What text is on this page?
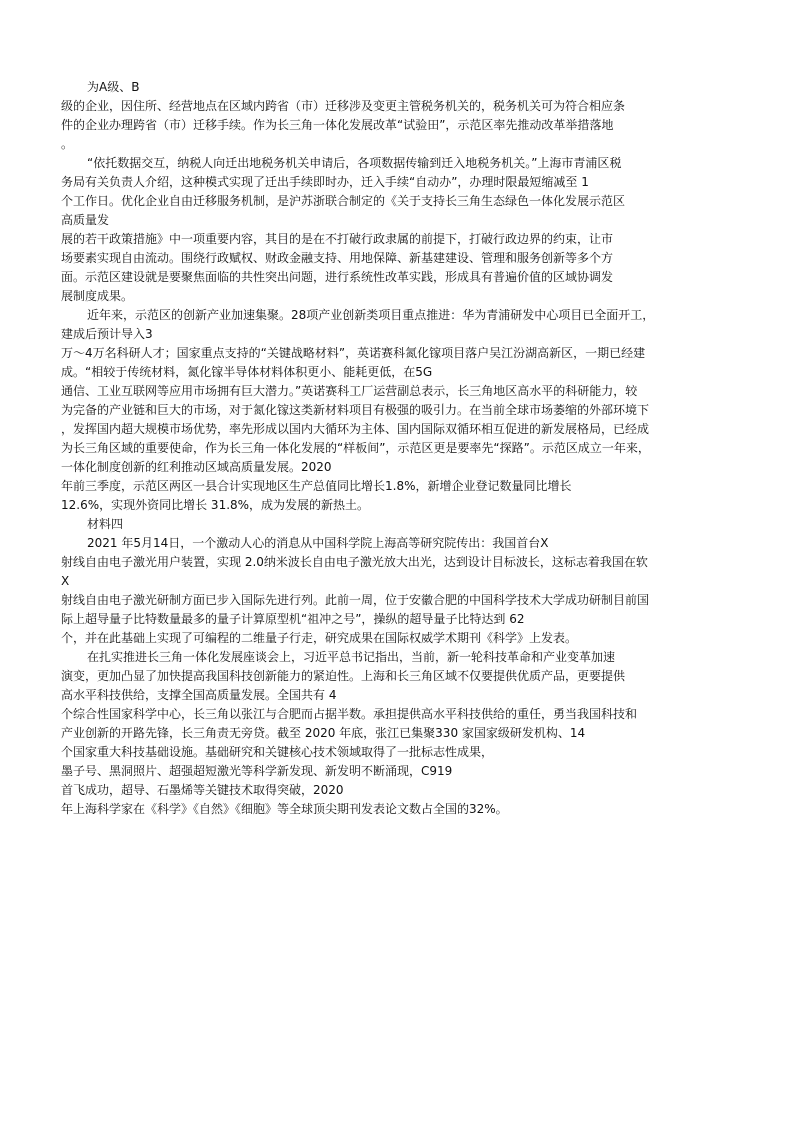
为A级、B
级的企业，因住所、经营地点在区域内跨省（市）迁移涉及变更主管税务机关的，税务机关可为符合相应条
件的企业办理跨省（市）迁移手续。作为长三角一体化发展改革“试验田”，示范区率先推动改革举措落地
。
“依托数据交互，纳税人向迁出地税务机关申请后，各项数据传输到迁入地税务机关。”上海市青浦区税
务局有关负责人介绍，这种模式实现了迁出手续即时办，迁入手续“自动办”，办理时限最短缩减至 1
个工作日。优化企业自由迁移服务机制，是沪苏浙联合制定的《关于支持长三角生态绿色一体化发展示范区
高质量发
展的若干政策措施》中一项重要内容，其目的是在不打破行政隶属的前提下，打破行政边界的约束，让市
场要素实现自由流动。围绕行政赋权、财政金融支持、用地保障、新基建建设、管理和服务创新等多个方
面。示范区建设就是要聚焦面临的共性突出问题，进行系统性改革实践，形成具有普遍价值的区域协调发
展制度成果。
近年来，示范区的创新产业加速集聚。28项产业创新类项目重点推进：华为青浦研发中心项目已全面开工，
建成后预计导入3
万～4万名科研人才；国家重点支持的“关键战略材料”，英诺赛科氮化镓项目落户吴江汾湖高新区，一期已经建
成。“相较于传统材料，氮化镓半导体材料体积更小、能耗更低，在5G
通信、工业互联网等应用市场拥有巨大潜力。”英诺赛科工厂运营副总表示，长三角地区高水平的科研能力，较
为完备的产业链和巨大的市场，对于氮化镓这类新材料项目有极强的吸引力。在当前全球市场萎缩的外部环境下
，发挥国内超大规模市场优势，率先形成以国内大循环为主体、国内国际双循环相互促进的新发展格局，已经成
为长三角区域的重要使命，作为长三角一体化发展的“样板间”，示范区更是要率先“探路”。示范区成立一年来，
一体化制度创新的红利推动区域高质量发展。2020
年前三季度，示范区两区一县合计实现地区生产总值同比增长1.8%，新增企业登记数量同比增长
12.6%，实现外资同比增长 31.8%，成为发展的新热土。
材料四
2021 年5月14日，一个激动人心的消息从中国科学院上海高等研究院传出：我国首台X
射线自由电子激光用户装置，实现 2.0纳米波长自由电子激光放大出光，达到设计目标波长，这标志着我国在软
X
射线自由电子激光研制方面已步入国际先进行列。此前一周，位于安徽合肥的中国科学技术大学成功研制目前国
际上超导量子比特数量最多的量子计算原型机“祖冲之号”，操纵的超导量子比特达到 62
个，并在此基础上实现了可编程的二维量子行走，研究成果在国际权威学术期刊《科学》上发表。
在扎实推进长三角一体化发展座谈会上，习近平总书记指出，当前，新一轮科技革命和产业变革加速
演变，更加凸显了加快提高我国科技创新能力的紧迫性。上海和长三角区域不仅要提供优质产品，更要提供
高水平科技供给，支撑全国高质量发展。全国共有 4
个综合性国家科学中心，长三角以张江与合肥而占据半数。承担提供高水平科技供给的重任，勇当我国科技和
产业创新的开路先锋，长三角责无旁贷。截至 2020 年底，张江已集聚330 家国家级研发机构、14
个国家重大科技基础设施。基础研究和关键核心技术领域取得了一批标志性成果，
墨子号、黑洞照片、超强超短激光等科学新发现、新发明不断涌现，C919
首飞成功，超导、石墨烯等关键技术取得突破，2020
年上海科学家在《科学》《自然》《细胞》等全球顶尖期刊发表论文数占全国的32%。
